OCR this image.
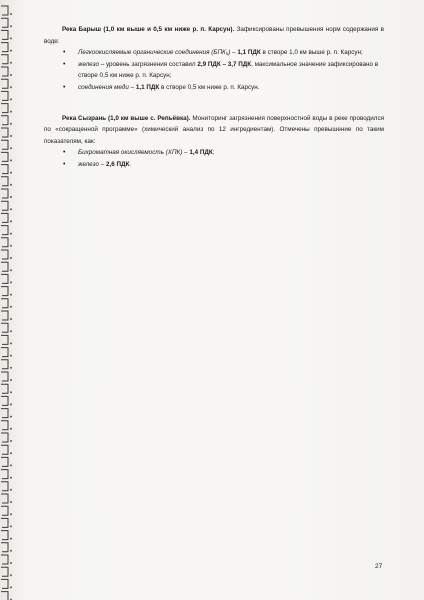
Река Барыш (1,0 км выше и 0,5 км ниже р. п. Карсун). Зафиксированы превышения норм содержания в воде:

• Легкоокисляемые органические соединения (БПК₅) – 1,1 ПДК в створе 1,0 км выше р. п. Карсун;
• железо – уровень загрязнения составил 2,9 ПДК – 3,7 ПДК, максимальное значение зафиксировано в створе 0,5 км ниже р. п. Карсун;
• соединения меди – 1,1 ПДК в створе 0,5 км ниже р. п. Карсун.

Река Сызрань (1,0 км выше с. Репьёвка). Мониторинг загрязнения поверхностной воды в реке проводился по «сокращенной программе» (химический анализ по 12 ингредиентам). Отмечены превышение по таким показателям, как:

• Бихроматная окисляемость (ХПК) – 1,4 ПДК;
• железо – 2,6 ПДК.
27
